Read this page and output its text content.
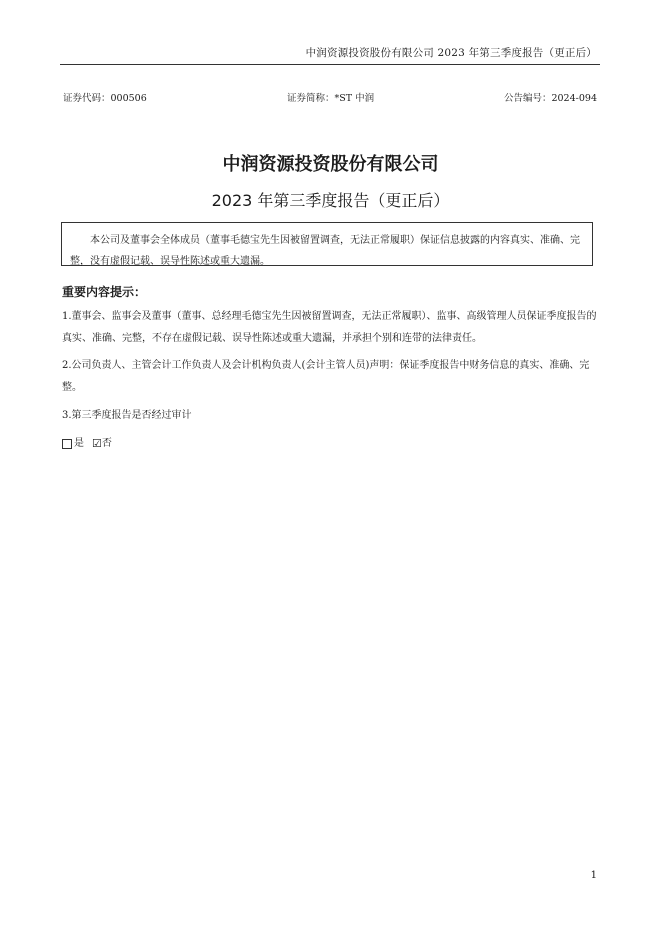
中润资源投资股份有限公司 2023 年第三季度报告（更正后）
证券代码：000506	证券简称：*ST 中润	公告编号：2024-094
中润资源投资股份有限公司
2023 年第三季度报告（更正后）

本公司及董事会全体成员（董事毛德宝先生因被留置调查，无法正常履职）保证信息披露的内容真实、准确、完整，没有虚假记载、误导性陈述或重大遗漏。

重要内容提示：

1.董事会、监事会及董事（董事、总经理毛德宝先生因被留置调查，无法正常履职）、监事、高级管理人员保证季度报告的真实、准确、完整，不存在虚假记载、误导性陈述或重大遗漏，并承担个别和连带的法律责任。

2.公司负责人、主管会计工作负责人及会计机构负责人(会计主管人员)声明：保证季度报告中财务信息的真实、准确、完整。

3.第三季度报告是否经过审计

是 ☑ 否
1
